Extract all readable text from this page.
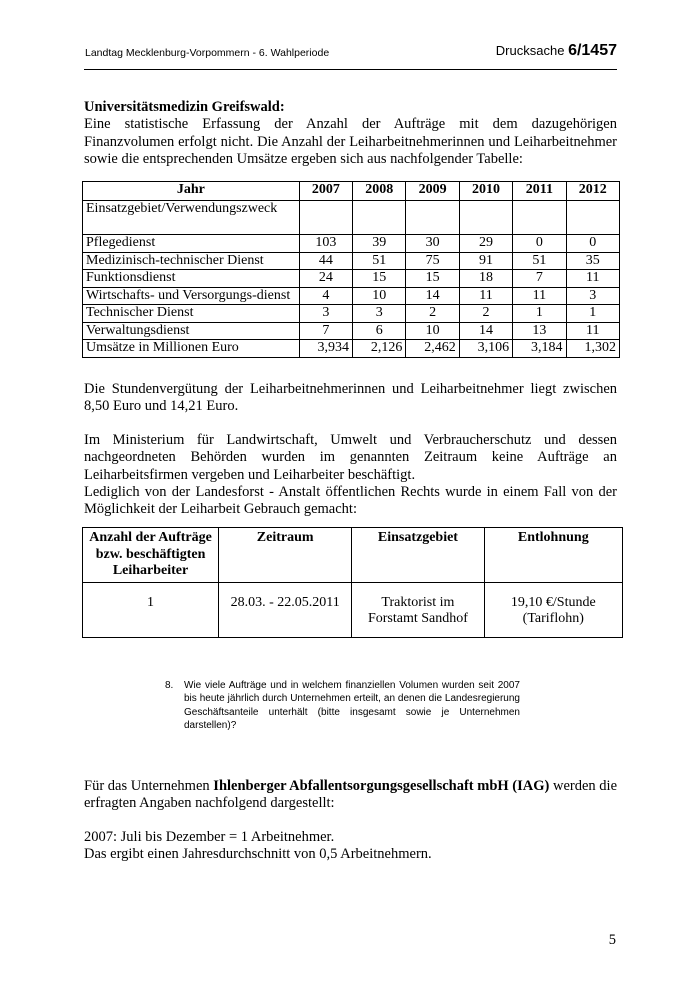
Landtag Mecklenburg-Vorpommern - 6. Wahlperiode	Drucksache 6/1457
Universitätsmedizin Greifswald:
Eine statistische Erfassung der Anzahl der Aufträge mit dem dazugehörigen Finanzvolumen erfolgt nicht. Die Anzahl der Leiharbeitnehmerinnen und Leiharbeitnehmer sowie die entsprechenden Umsätze ergeben sich aus nachfolgender Tabelle:
Jahr	2007	2008	2009	2010	2011	2012
Einsatzgebiet/Verwendungszweck						
Pflegedienst	103	39	30	29	0	0
Medizinisch-technischer Dienst	44	51	75	91	51	35
Funktionsdienst	24	15	15	18	7	11
Wirtschafts- und Versorgungs-dienst	4	10	14	11	11	3
Technischer Dienst	3	3	2	2	1	1
Verwaltungsdienst	7	6	10	14	13	11
Umsätze in Millionen Euro	3,934	2,126	2,462	3,106	3,184	1,302
Die Stundenvergütung der Leiharbeitnehmerinnen und Leiharbeitnehmer liegt zwischen 8,50 Euro und 14,21 Euro.
Im Ministerium für Landwirtschaft, Umwelt und Verbraucherschutz und dessen nachgeordneten Behörden wurden im genannten Zeitraum keine Aufträge an Leiharbeitsfirmen vergeben und Leiharbeiter beschäftigt.
Lediglich von der Landesforst - Anstalt öffentlichen Rechts wurde in einem Fall von der Möglichkeit der Leiharbeit Gebrauch gemacht:
Anzahl der Aufträge bzw. beschäftigten Leiharbeiter	Zeitraum	Einsatzgebiet	Entlohnung
1	28.03. - 22.05.2011	Traktorist im Forstamt Sandhof	19,10 €/Stunde (Tariflohn)
8. Wie viele Aufträge und in welchem finanziellen Volumen wurden seit 2007 bis heute jährlich durch Unternehmen erteilt, an denen die Landesregierung Geschäftsanteile unterhält (bitte insgesamt sowie je Unternehmen darstellen)?
Für das Unternehmen Ihlenberger Abfallentsorgungsgesellschaft mbH (IAG) werden die erfragten Angaben nachfolgend dargestellt:
2007: Juli bis Dezember = 1 Arbeitnehmer.
Das ergibt einen Jahresdurchschnitt von 0,5 Arbeitnehmern.
5
